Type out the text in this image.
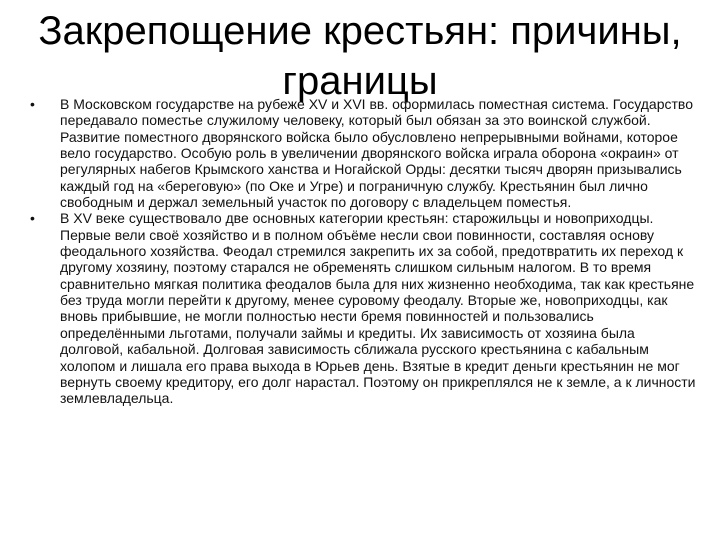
Закрепощение крестьян: причины, границы
•	В Московском государстве на рубеже XV и XVI вв. оформилась поместная система. Государство передавало поместье служилому человеку, который был обязан за это воинской службой. Развитие поместного дворянского войска было обусловлено непрерывными войнами, которое вело государство. Особую роль в увеличении дворянского войска играла оборона «окраин» от регулярных набегов Крымского ханства и Ногайской Орды: десятки тысяч дворян призывались каждый год на «береговую» (по Оке и Угре) и пограничную службу. Крестьянин был лично свободным и держал земельный участок по договору с владельцем поместья.
•	В XV веке существовало две основных категории крестьян: старожильцы и новоприходцы. Первые вели своё хозяйство и в полном объёме несли свои повинности, составляя основу феодального хозяйства. Феодал стремился закрепить их за собой, предотвратить их переход к другому хозяину, поэтому старался не обременять слишком сильным налогом. В то время сравнительно мягкая политика феодалов была для них жизненно необходима, так как крестьяне без труда могли перейти к другому, менее суровому феодалу. Вторые же, новоприходцы, как вновь прибывшие, не могли полностью нести бремя повинностей и пользовались определёнными льготами, получали займы и кредиты. Их зависимость от хозяина была долговой, кабальной. Долговая зависимость сближала русского крестьянина с кабальным холопом и лишала его права выхода в Юрьев день. Взятые в кредит деньги крестьянин не мог вернуть своему кредитору, его долг нарастал. Поэтому он прикреплялся не к земле, а к личности землевладельца.
